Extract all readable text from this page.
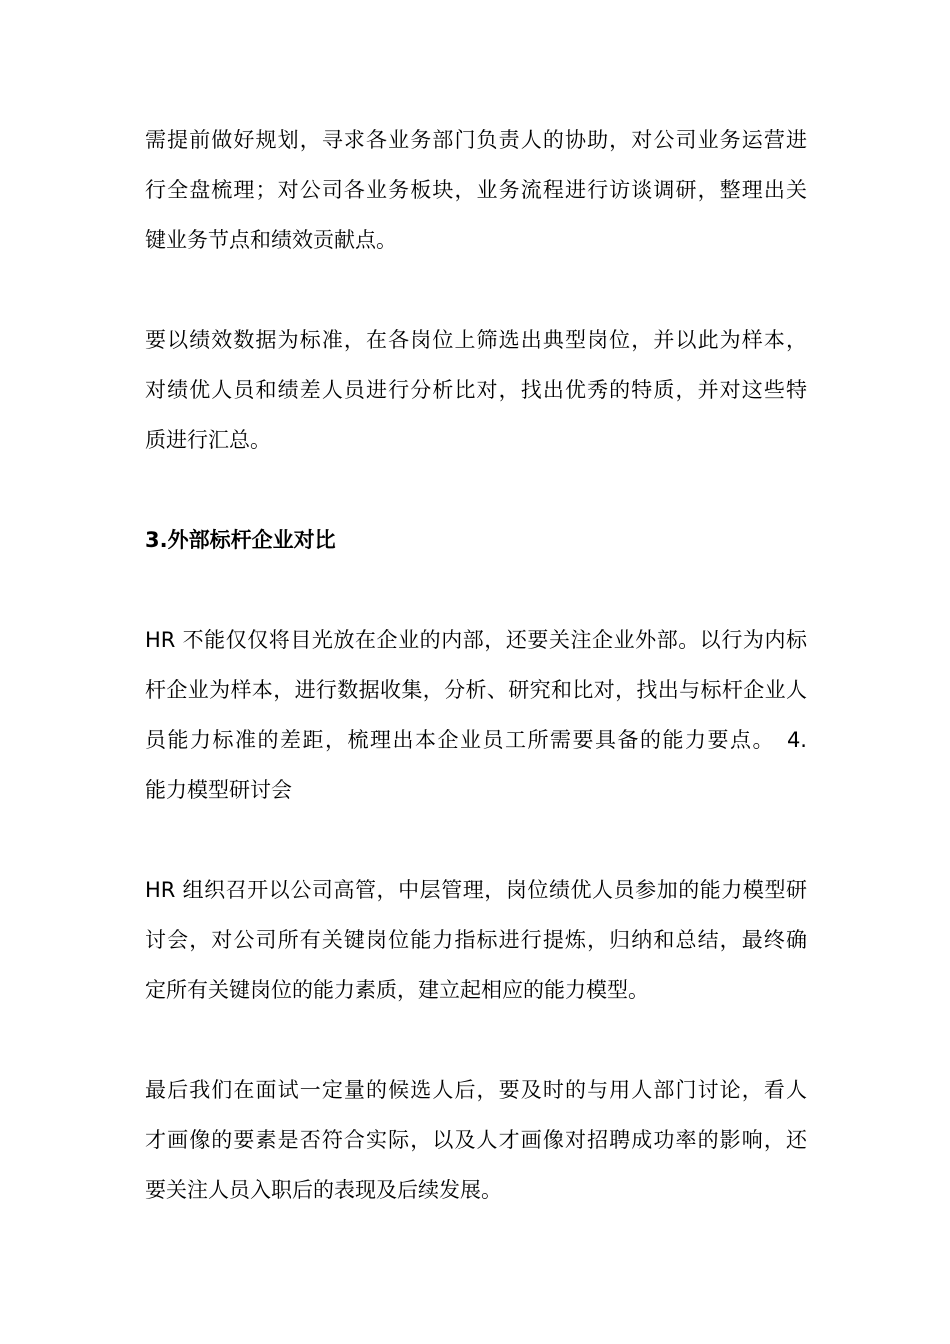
需提前做好规划，寻求各业务部门负责人的协助，对公司业务运营进
行全盘梳理；对公司各业务板块，业务流程进行访谈调研，整理出关
键业务节点和绩效贡献点。
要以绩效数据为标准，在各岗位上筛选出典型岗位，并以此为样本，
对绩优人员和绩差人员进行分析比对，找出优秀的特质，并对这些特
质进行汇总。
3.外部标杆企业对比
HR 不能仅仅将目光放在企业的内部，还要关注企业外部。以行为内标
杆企业为样本，进行数据收集，分析、研究和比对，找出与标杆企业人
员能力标准的差距，梳理出本企业员工所需要具备的能力要点。　4.
能力模型研讨会
HR 组织召开以公司高管，中层管理，岗位绩优人员参加的能力模型研
讨会，对公司所有关键岗位能力指标进行提炼，归纳和总结，最终确
定所有关键岗位的能力素质，建立起相应的能力模型。
最后我们在面试一定量的候选人后，要及时的与用人部门讨论，看人
才画像的要素是否符合实际，以及人才画像对招聘成功率的影响，还
要关注人员入职后的表现及后续发展。
